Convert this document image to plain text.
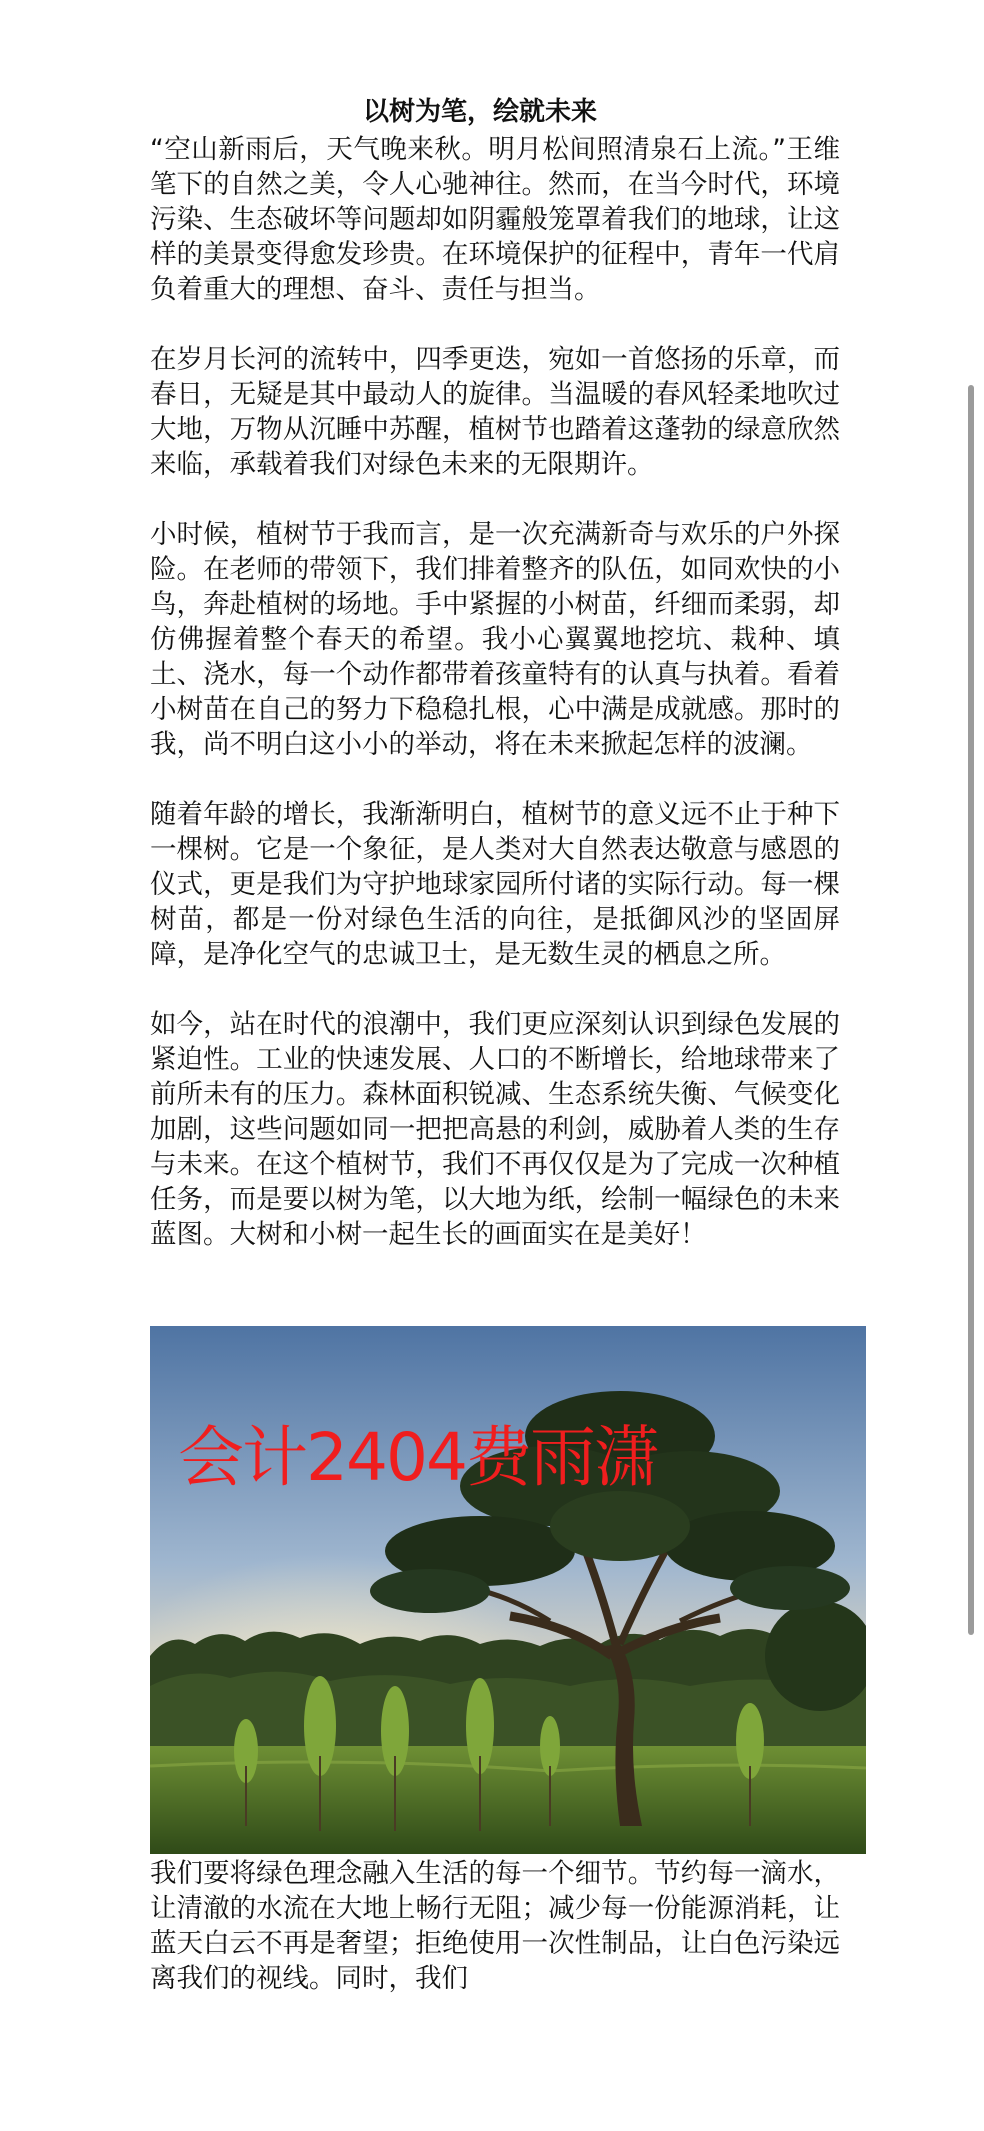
以树为笔，绘就未来

“空山新雨后，天气晚来秋。明月松间照清泉石上流。”王维笔下的自然之美，令人心驰神往。然而，在当今时代，环境污染、生态破坏等问题却如阴霾般笼罩着我们的地球，让这样的美景变得愈发珍贵。在环境保护的征程中，青年一代肩负着重大的理想、奋斗、责任与担当。

在岁月长河的流转中，四季更迭，宛如一首悠扬的乐章，而春日，无疑是其中最动人的旋律。当温暖的春风轻柔地吹过大地，万物从沉睡中苏醒，植树节也踏着这蓬勃的绿意欣然来临，承载着我们对绿色未来的无限期许。

小时候，植树节于我而言，是一次充满新奇与欢乐的户外探险。在老师的带领下，我们排着整齐的队伍，如同欢快的小鸟，奔赴植树的场地。手中紧握的小树苗，纤细而柔弱，却仿佛握着整个春天的希望。我小心翼翼地挖坑、栽种、填土、浇水，每一个动作都带着孩童特有的认真与执着。看着小树苗在自己的努力下稳稳扎根，心中满是成就感。那时的我，尚不明白这小小的举动，将在未来掀起怎样的波澜。

随着年龄的增长，我渐渐明白，植树节的意义远不止于种下一棵树。它是一个象征，是人类对大自然表达敬意与感恩的仪式，更是我们为守护地球家园所付诸的实际行动。每一棵树苗，都是一份对绿色生活的向往，是抵御风沙的坚固屏障，是净化空气的忠诚卫士，是无数生灵的栖息之所。

如今，站在时代的浪潮中，我们更应深刻认识到绿色发展的紧迫性。工业的快速发展、人口的不断增长，给地球带来了前所未有的压力。森林面积锐减、生态系统失衡、气候变化加剧，这些问题如同一把把高悬的利剑，威胁着人类的生存与未来。在这个植树节，我们不再仅仅是为了完成一次种植任务，而是要以树为笔，以大地为纸，绘制一幅绿色的未来蓝图。大树和小树一起生长的画面实在是美好！

会计2404费雨潇

我们要将绿色理念融入生活的每一个细节。节约每一滴水，让清澈的水流在大地上畅行无阻；减少每一份能源消耗，让蓝天白云不再是奢望；拒绝使用一次性制品，让白色污染远离我们的视线。同时，我们
